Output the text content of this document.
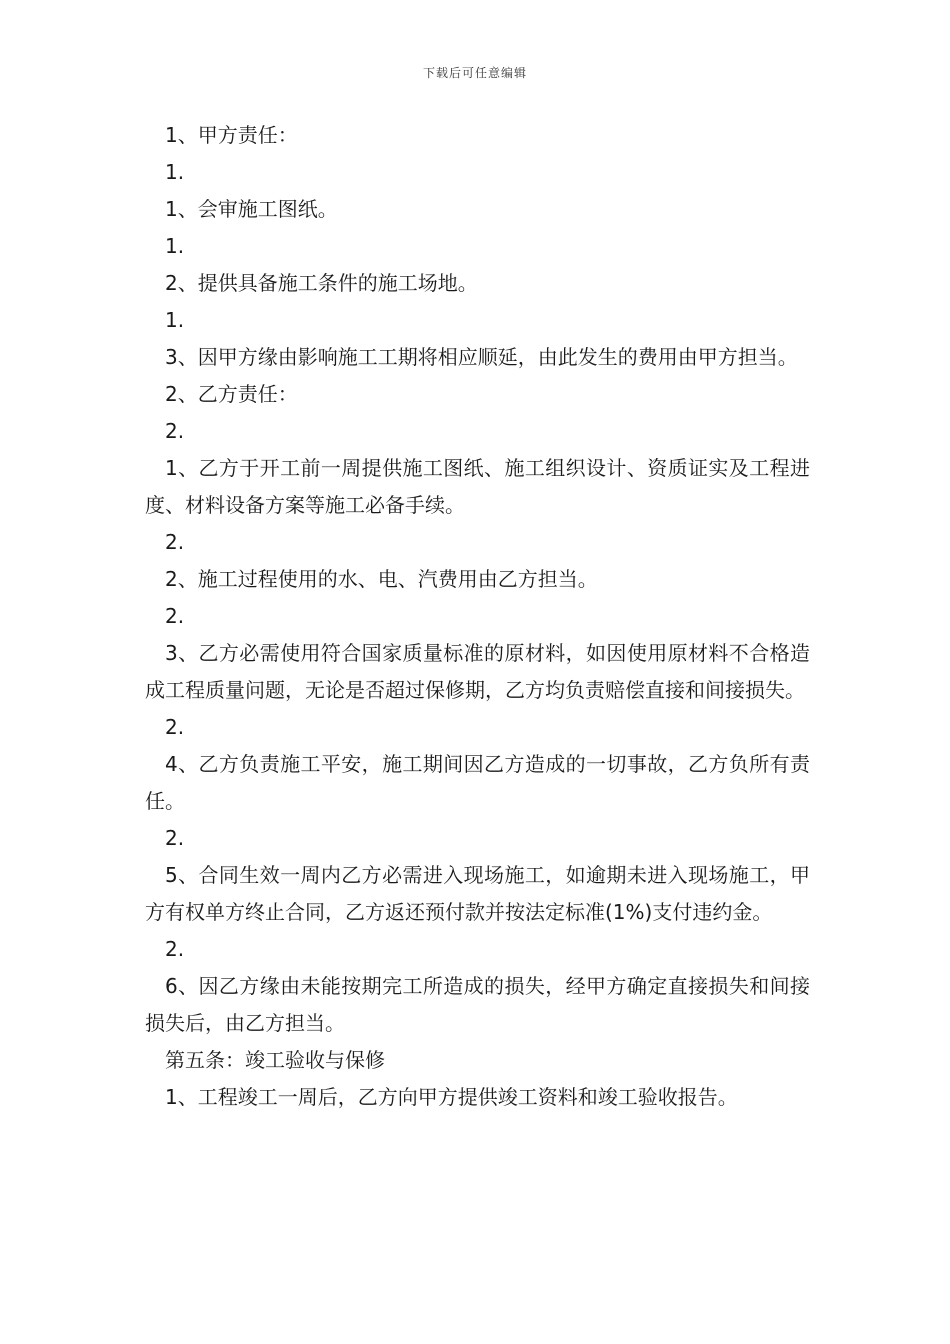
下载后可任意编辑

1、甲方责任：

1.

1、会审施工图纸。

1.

2、提供具备施工条件的施工场地。

1.

3、因甲方缘由影响施工工期将相应顺延，由此发生的费用由甲方担当。

2、乙方责任：

2.

1、乙方于开工前一周提供施工图纸、施工组织设计、资质证实及工程进度、材料设备方案等施工必备手续。

2.

2、施工过程使用的水、电、汽费用由乙方担当。

2.

3、乙方必需使用符合国家质量标准的原材料，如因使用原材料不合格造成工程质量问题，无论是否超过保修期，乙方均负责赔偿直接和间接损失。

2.

4、乙方负责施工平安，施工期间因乙方造成的一切事故，乙方负所有责任。

2.

5、合同生效一周内乙方必需进入现场施工，如逾期未进入现场施工，甲方有权单方终止合同，乙方返还预付款并按法定标准(1%)支付违约金。

2.

6、因乙方缘由未能按期完工所造成的损失，经甲方确定直接损失和间接损失后，由乙方担当。

第五条：竣工验收与保修

1、工程竣工一周后，乙方向甲方提供竣工资料和竣工验收报告。
